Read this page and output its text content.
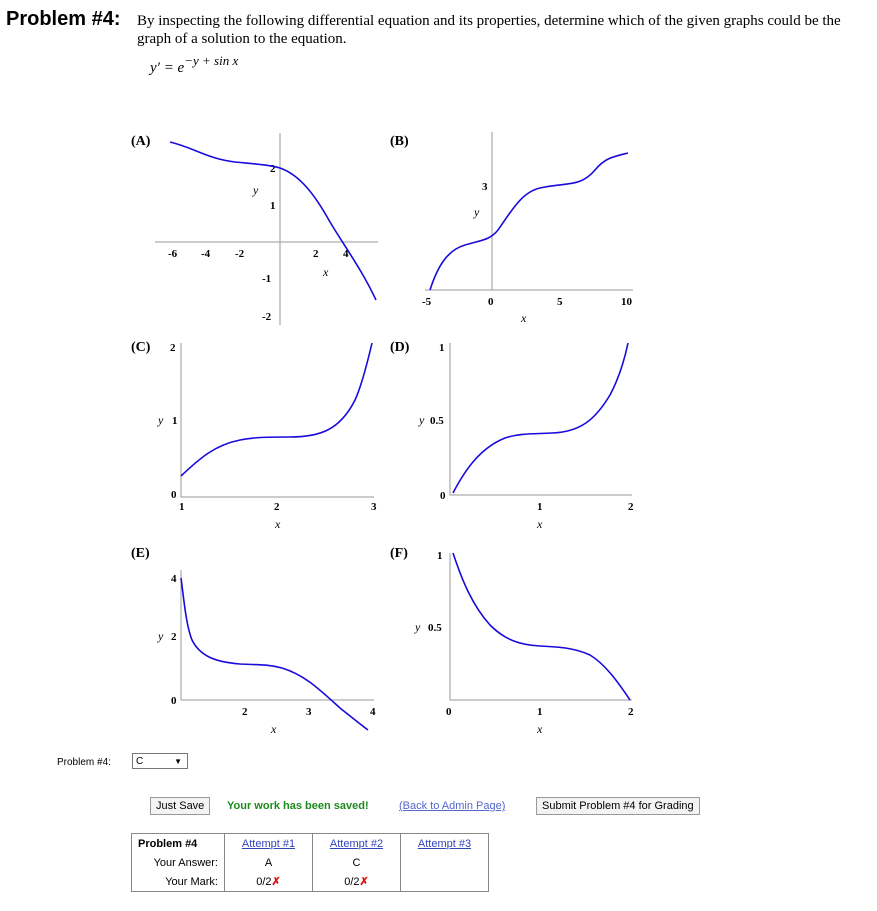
Problem #4: By inspecting the following differential equation and its properties, determine which of the given graphs could be the graph of a solution to the equation.
y′ = e−y + sin x
(A)
-6 -4 -2	2 4
2
1
-1
-2
y
x
(B)
-5	0	5	10
3
y
x
(C) 2
1
0
1	2	3
y
x
(D)	1
0.5
0
1	2
y
x
(E)
4
2
0
2	3	4
y
x
(F)	1
0.5
0	1	2
y
x
Problem #4:	C	▼
Just Save	Your work has been saved!	(Back to Admin Page)	Submit Problem #4 for Grading
Problem #4	Attempt #1	Attempt #2	Attempt #3
Your Answer:	A	C	
Your Mark:	0/2✗	0/2✗	
